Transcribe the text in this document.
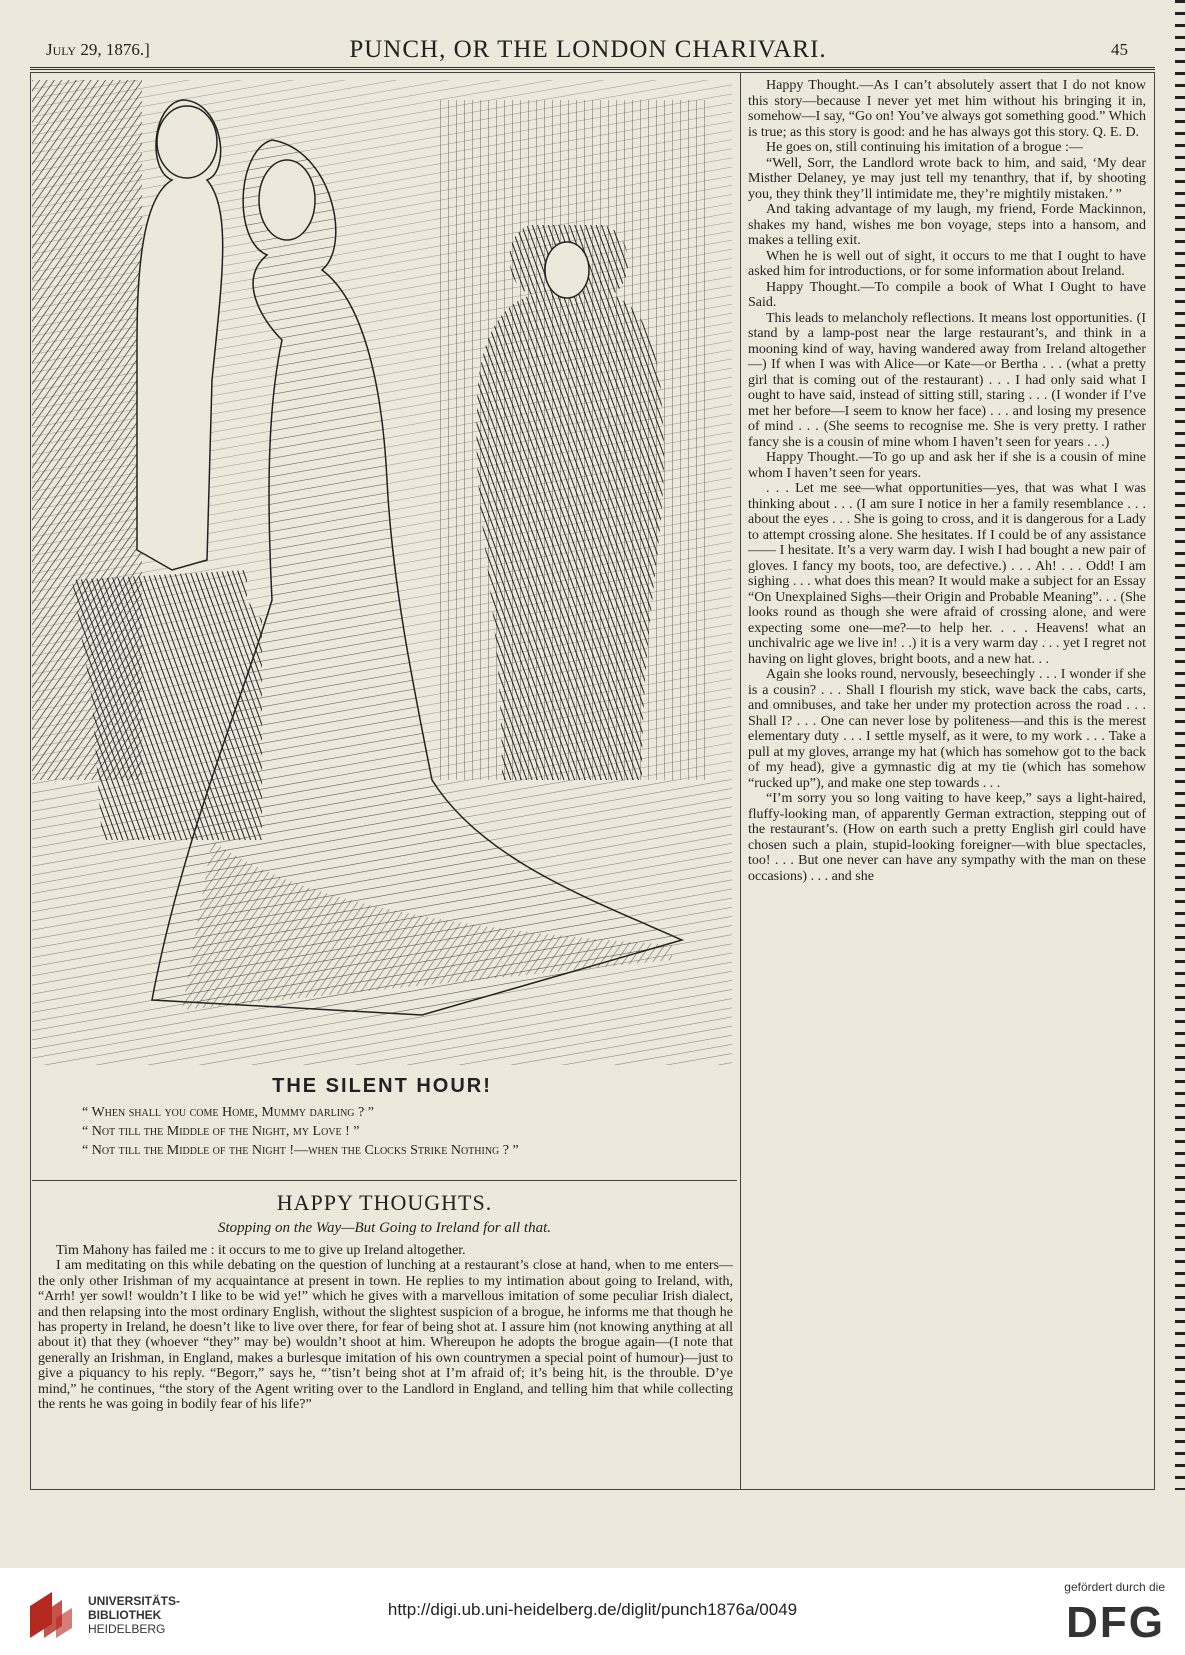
July 29, 1876.]	PUNCH, OR THE LONDON CHARIVARI.	45
THE SILENT HOUR!
“ When shall you come Home, Mummy darling ? ”
“ Not till the Middle of the Night, my Love ! ”
“ Not till the Middle of the Night !—when the Clocks Strike Nothing ? ”
HAPPY THOUGHTS.
Stopping on the Way—But Going to Ireland for all that.

Tim Mahony has failed me : it occurs to me to give up Ireland altogether.

I am meditating on this while debating on the question of lunching at a restaurant’s close at hand, when to me enters—the only other Irishman of my acquaintance at present in town. He replies to my intimation about going to Ireland, with, “Arrh! yer sowl! wouldn’t I like to be wid ye!” which he gives with a marvellous imitation of some peculiar Irish dialect, and then relapsing into the most ordinary English, without the slightest suspicion of a brogue, he informs me that though he has property in Ireland, he doesn’t like to live over there, for fear of being shot at. I assure him (not knowing anything at all about it) that they (whoever “they” may be) wouldn’t shoot at him. Whereupon he adopts the brogue again—(I note that generally an Irishman, in England, makes a burlesque imitation of his own countrymen a special point of humour)—just to give a piquancy to his reply. “Begorr,” says he, “’tisn’t being shot at I’m afraid of; it’s being hit, is the throuble. D’ye mind,” he continues, “the story of the Agent writing over to the Landlord in England, and telling him that while collecting the rents he was going in bodily fear of his life?”

Happy Thought.—As I can’t absolutely assert that I do not know this story—because I never yet met him without his bringing it in, somehow—I say, “Go on! You’ve always got something good.” Which is true; as this story is good: and he has always got this story. Q. E. D.

He goes on, still continuing his imitation of a brogue :—

“Well, Sorr, the Landlord wrote back to him, and said, ‘My dear Misther Delaney, ye may just tell my tenanthry, that if, by shooting you, they think they’ll intimidate me, they’re mightily mistaken.’ ”

And taking advantage of my laugh, my friend, Forde Mackinnon, shakes my hand, wishes me bon voyage, steps into a hansom, and makes a telling exit.

When he is well out of sight, it occurs to me that I ought to have asked him for introductions, or for some information about Ireland.

Happy Thought.—To compile a book of What I Ought to have Said.

This leads to melancholy reflections. It means lost opportunities. (I stand by a lamp-post near the large restaurant’s, and think in a mooning kind of way, having wandered away from Ireland altogether—) If when I was with Alice—or Kate—or Bertha . . . (what a pretty girl that is coming out of the restaurant) . . . I had only said what I ought to have said, instead of sitting still, staring . . . (I wonder if I’ve met her before—I seem to know her face) . . . and losing my presence of mind . . . (She seems to recognise me. She is very pretty. I rather fancy she is a cousin of mine whom I haven’t seen for years . . .)

Happy Thought.—To go up and ask her if she is a cousin of mine whom I haven’t seen for years.

. . . Let me see—what opportunities—yes, that was what I was thinking about . . . (I am sure I notice in her a family resemblance . . . about the eyes . . . She is going to cross, and it is dangerous for a Lady to attempt crossing alone. She hesitates. If I could be of any assistance—— I hesitate. It’s a very warm day. I wish I had bought a new pair of gloves. I fancy my boots, too, are defective.) . . . Ah! . . . Odd! I am sighing . . . what does this mean? It would make a subject for an Essay “On Unexplained Sighs—their Origin and Probable Meaning”. . . (She looks round as though she were afraid of crossing alone, and were expecting some one—me?—to help her. . . . Heavens! what an unchivalric age we live in! . .) it is a very warm day . . . yet I regret not having on light gloves, bright boots, and a new hat. . .

Again she looks round, nervously, beseechingly . . . I wonder if she is a cousin? . . . Shall I flourish my stick, wave back the cabs, carts, and omnibuses, and take her under my protection across the road . . . Shall I? . . . One can never lose by politeness—and this is the merest elementary duty . . . I settle myself, as it were, to my work . . . Take a pull at my gloves, arrange my hat (which has somehow got to the back of my head), give a gymnastic dig at my tie (which has somehow “rucked up”), and make one step towards . . .

“I’m sorry you so long vaiting to have keep,” says a light-haired, fluffy-looking man, of apparently German extraction, stepping out of the restaurant’s. (How on earth such a pretty English girl could have chosen such a plain, stupid-looking foreigner—with blue spectacles, too! . . . But one never can have any sympathy with the man on these occasions) . . . and she

UNIVERSITÄTS-
BIBLIOTHEK
HEIDELBERG
http://digi.ub.uni-heidelberg.de/diglit/punch1876a/0049
gefördert durch die
DFG
